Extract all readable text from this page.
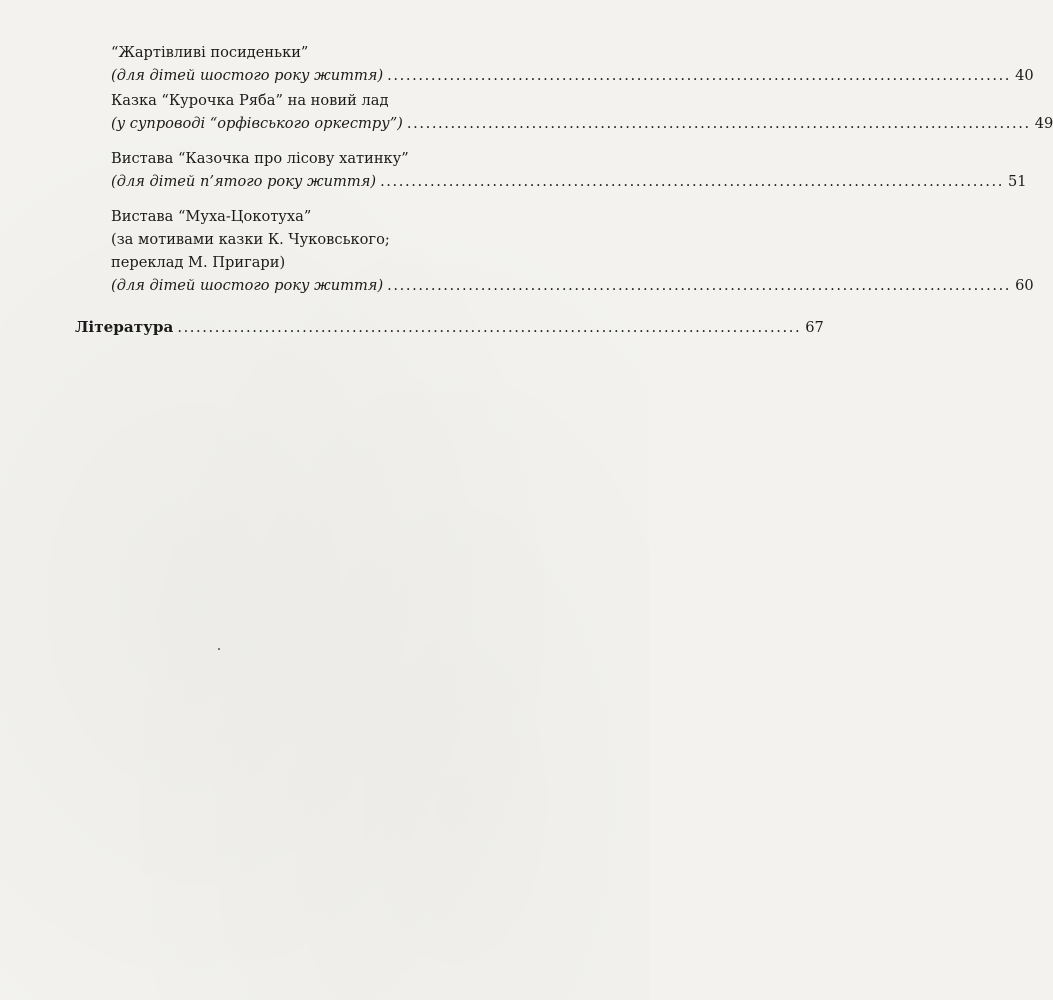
“Жартівливі посиденьки”
(для дітей шостого року життя) .................................................................................................... 40
Казка “Курочка Ряба” на новий лад
(у супроводі “орфівського оркестру”) .................................................................................................... 49
Вистава “Казочка про лісову хатинку”
(для дітей п’ятого року життя) .................................................................................................... 51
Вистава “Муха-Цокотуха”
(за мотивами казки К. Чуковського;
переклад М. Пригари)
(для дітей шостого року життя) .................................................................................................... 60
Література .................................................................................................... 67
